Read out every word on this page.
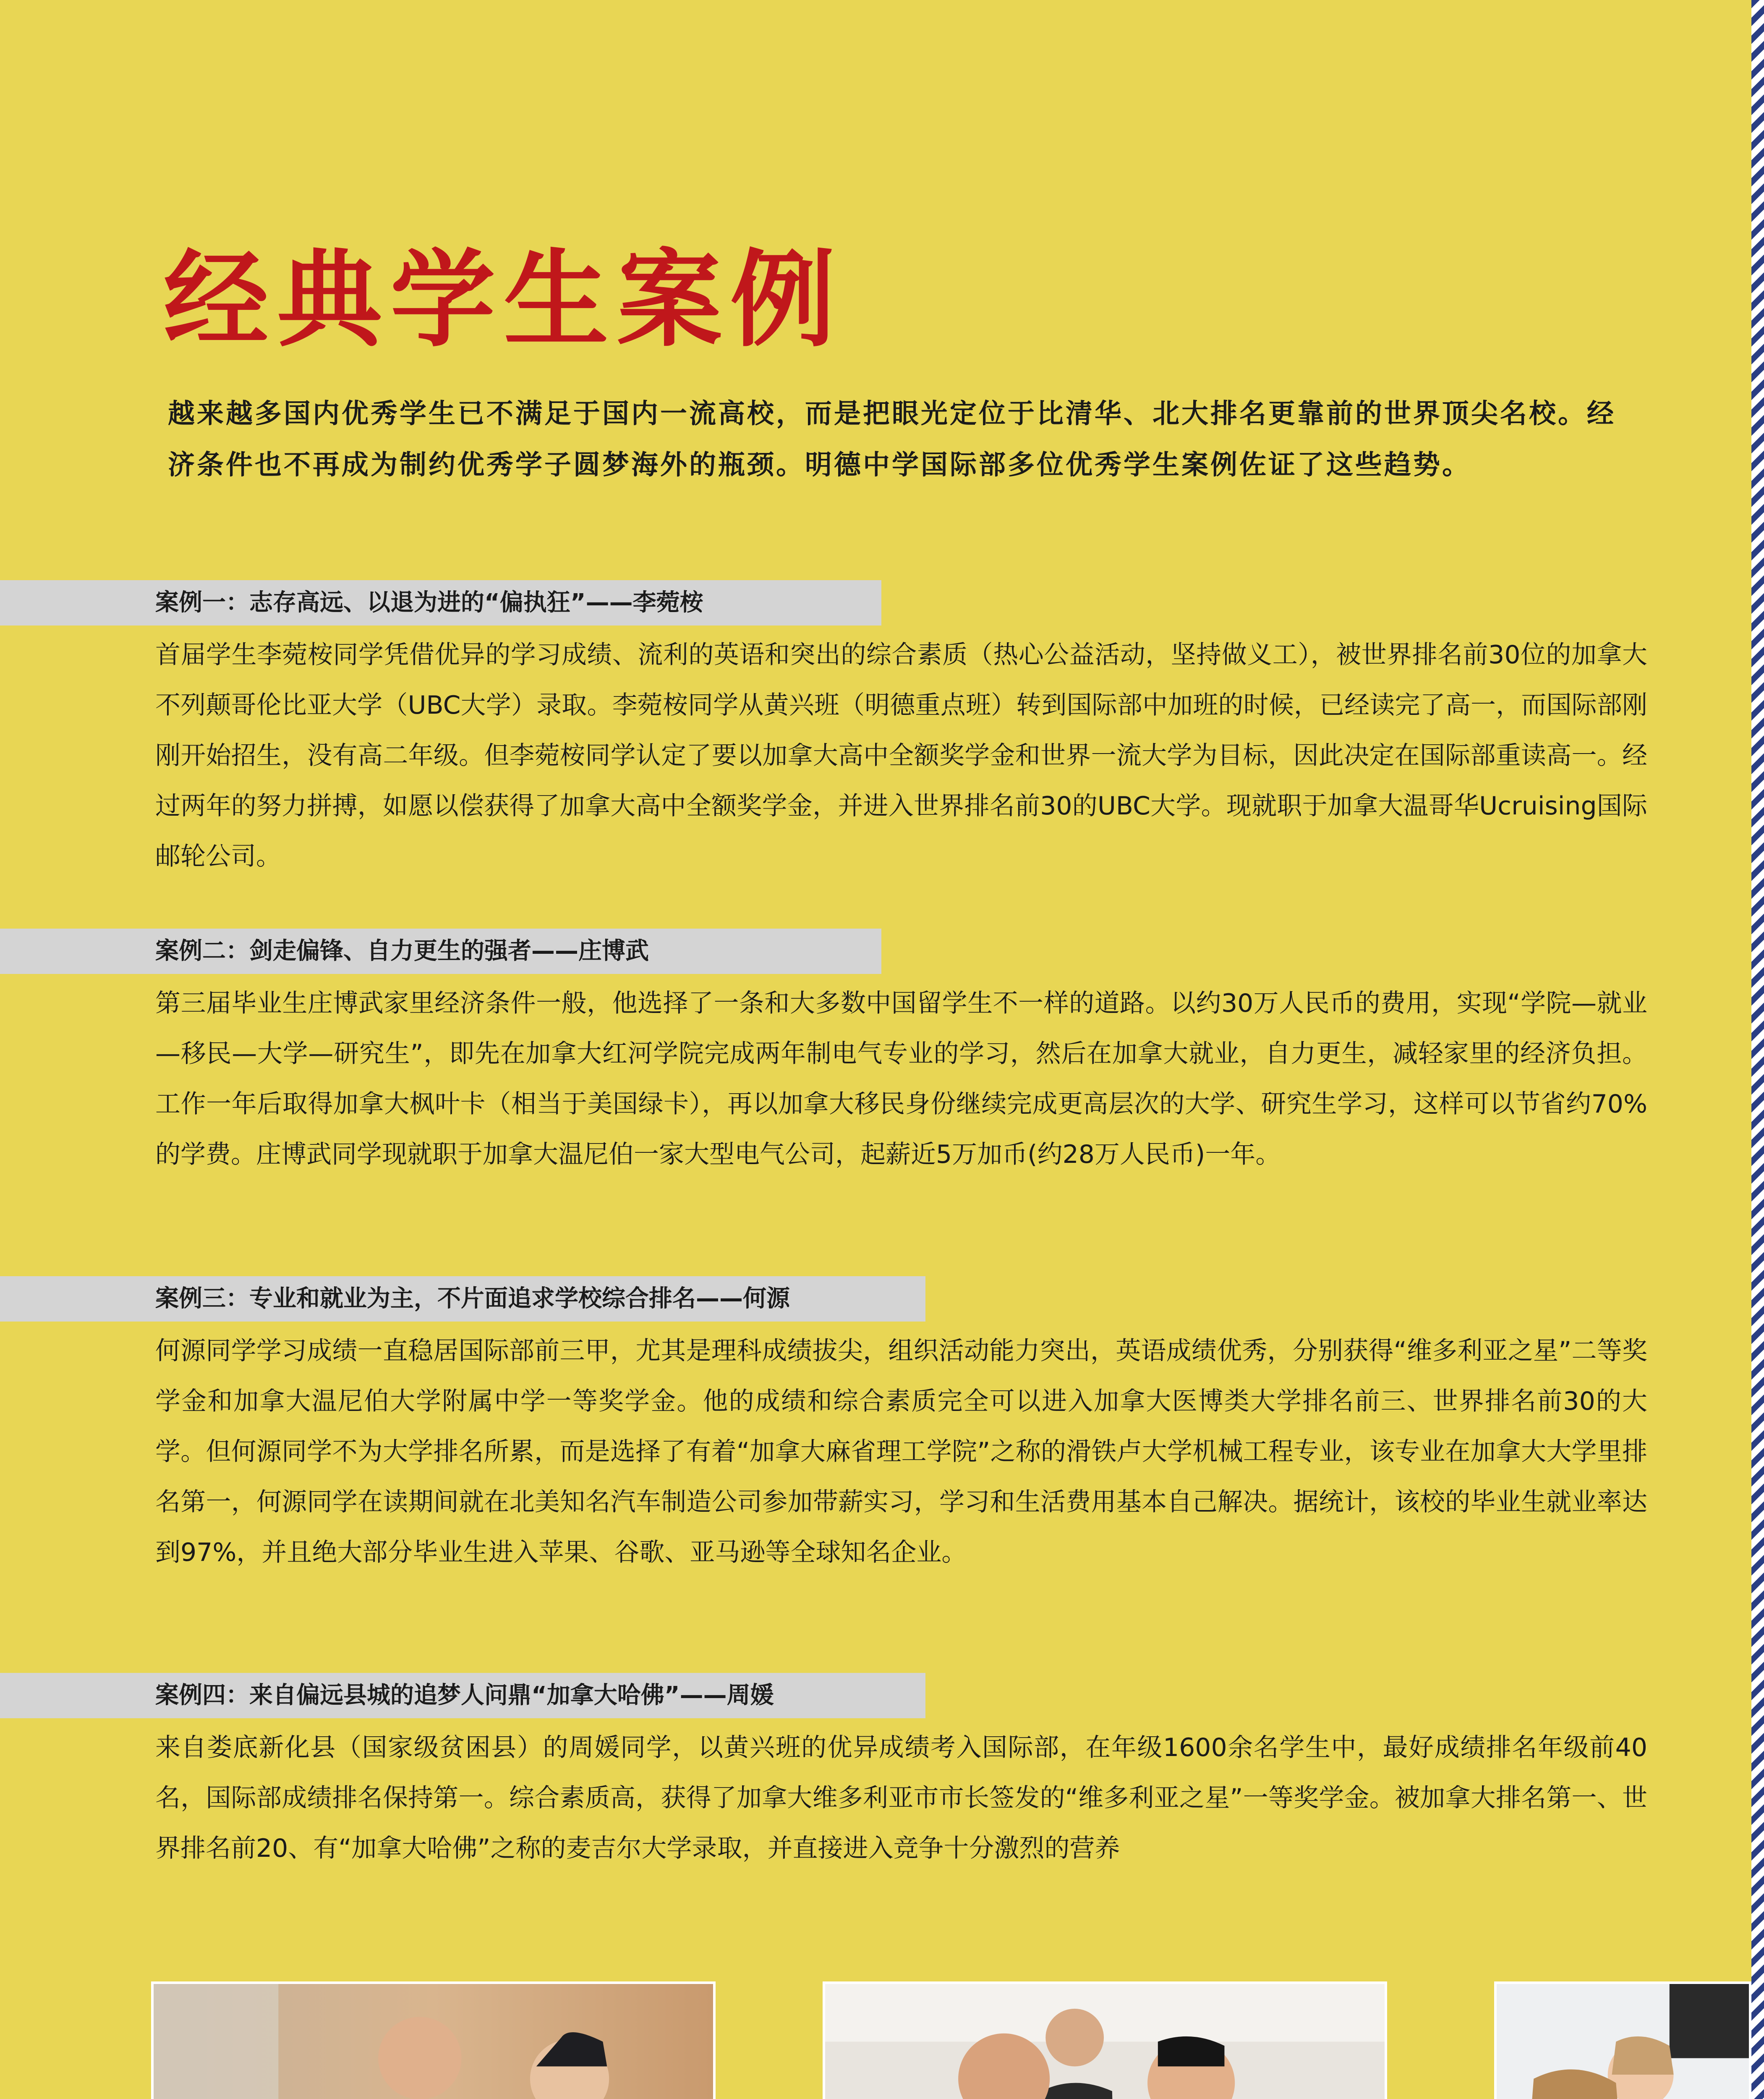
经典学生案例
越来越多国内优秀学生已不满足于国内一流高校，而是把眼光定位于比清华、北大排名更靠前的世界顶尖名校。经济条件也不再成为制约优秀学子圆梦海外的瓶颈。明德中学国际部多位优秀学生案例佐证了这些趋势。
案例一：志存高远、以退为进的“偏执狂”——李菀桉
首届学生李菀桉同学凭借优异的学习成绩、流利的英语和突出的综合素质（热心公益活动，坚持做义工），被世界排名前30位的加拿大不列颠哥伦比亚大学（UBC大学）录取。李菀桉同学从黄兴班（明德重点班）转到国际部中加班的时候，已经读完了高一，而国际部刚刚开始招生，没有高二年级。但李菀桉同学认定了要以加拿大高中全额奖学金和世界一流大学为目标，因此决定在国际部重读高一。经过两年的努力拼搏，如愿以偿获得了加拿大高中全额奖学金，并进入世界排名前30的UBC大学。现就职于加拿大温哥华Ucruising国际邮轮公司。
案例二：剑走偏锋、自力更生的强者——庄博武
第三届毕业生庄博武家里经济条件一般，他选择了一条和大多数中国留学生不一样的道路。以约30万人民币的费用，实现“学院—就业—移民—大学—研究生”，即先在加拿大红河学院完成两年制电气专业的学习，然后在加拿大就业，自力更生，减轻家里的经济负担。工作一年后取得加拿大枫叶卡（相当于美国绿卡），再以加拿大移民身份继续完成更高层次的大学、研究生学习，这样可以节省约70%的学费。庄博武同学现就职于加拿大温尼伯一家大型电气公司，起薪近5万加币(约28万人民币)一年。
案例三：专业和就业为主，不片面追求学校综合排名——何源
何源同学学习成绩一直稳居国际部前三甲，尤其是理科成绩拔尖，组织活动能力突出，英语成绩优秀，分别获得“维多利亚之星”二等奖学金和加拿大温尼伯大学附属中学一等奖学金。他的成绩和综合素质完全可以进入加拿大医博类大学排名前三、世界排名前30的大学。但何源同学不为大学排名所累，而是选择了有着“加拿大麻省理工学院”之称的滑铁卢大学机械工程专业，该专业在加拿大大学里排名第一，何源同学在读期间就在北美知名汽车制造公司参加带薪实习，学习和生活费用基本自己解决。据统计，该校的毕业生就业率达到97%，并且绝大部分毕业生进入苹果、谷歌、亚马逊等全球知名企业。
案例四：来自偏远县城的追梦人问鼎“加拿大哈佛”——周媛
来自娄底新化县（国家级贫困县）的周媛同学，以黄兴班的优异成绩考入国际部，在年级1600余名学生中，最好成绩排名年级前40名，国际部成绩排名保持第一。综合素质高，获得了加拿大维多利亚市市长签发的“维多利亚之星”一等奖学金。被加拿大排名第一、世界排名前20、有“加拿大哈佛”之称的麦吉尔大学录取，并直接进入竞争十分激烈的营养
